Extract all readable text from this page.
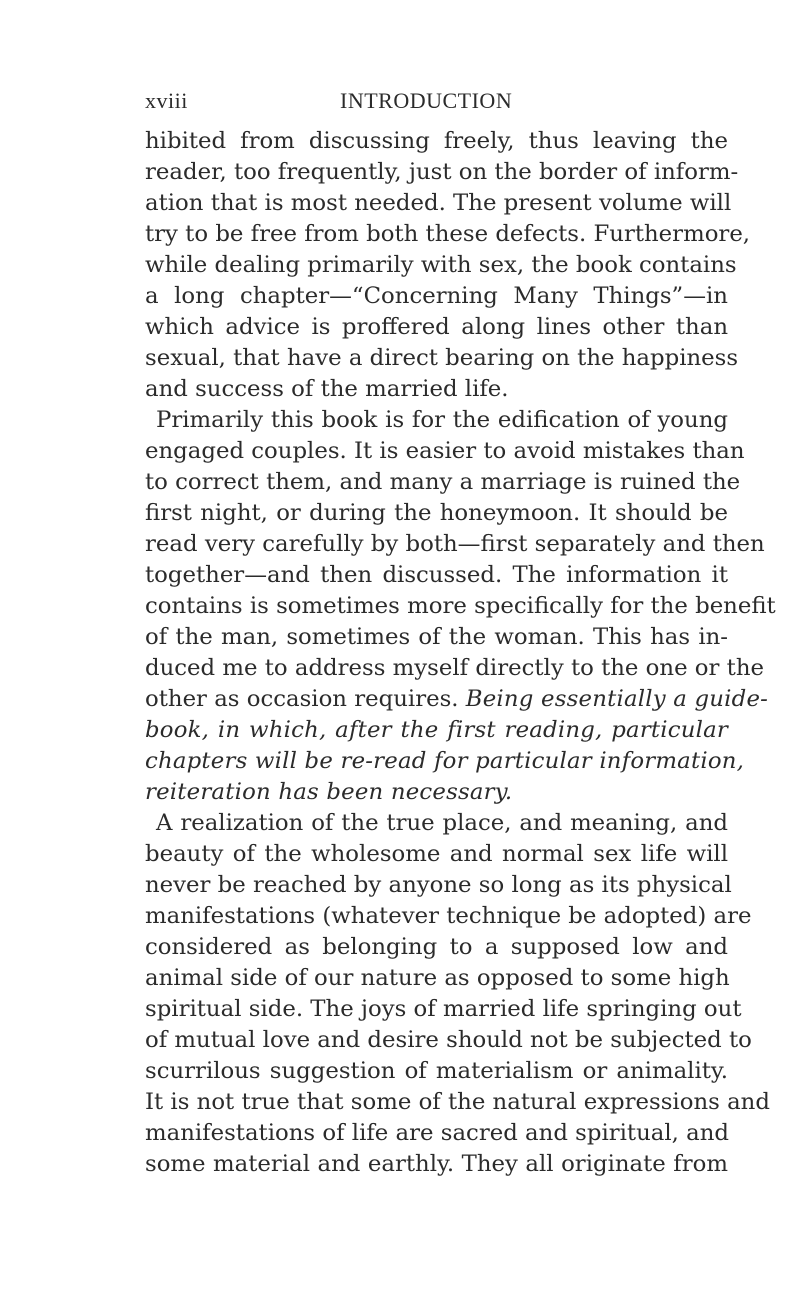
xviii	INTRODUCTION
hibited from discussing freely, thus leaving the
reader, too frequently, just on the border of inform-
ation that is most needed. The present volume will
try to be free from both these defects. Furthermore,
while dealing primarily with sex, the book contains
a long chapter—“Concerning Many Things”—in
which advice is proffered along lines other than
sexual, that have a direct bearing on the happiness
and success of the married life.
Primarily this book is for the edification of young
engaged couples. It is easier to avoid mistakes than
to correct them, and many a marriage is ruined the
first night, or during the honeymoon. It should be
read very carefully by both—first separately and then
together—and then discussed. The information it
contains is sometimes more specifically for the benefit
of the man, sometimes of the woman. This has in-
duced me to address myself directly to the one or the
other as occasion requires. Being essentially a guide-
book, in which, after the first reading, particular
chapters will be re-read for particular information,
reiteration has been necessary.
A realization of the true place, and meaning, and
beauty of the wholesome and normal sex life will
never be reached by anyone so long as its physical
manifestations (whatever technique be adopted) are
considered as belonging to a supposed low and
animal side of our nature as opposed to some high
spiritual side. The joys of married life springing out
of mutual love and desire should not be subjected to
scurrilous suggestion of materialism or animality.
It is not true that some of the natural expressions and
manifestations of life are sacred and spiritual, and
some material and earthly. They all originate from
